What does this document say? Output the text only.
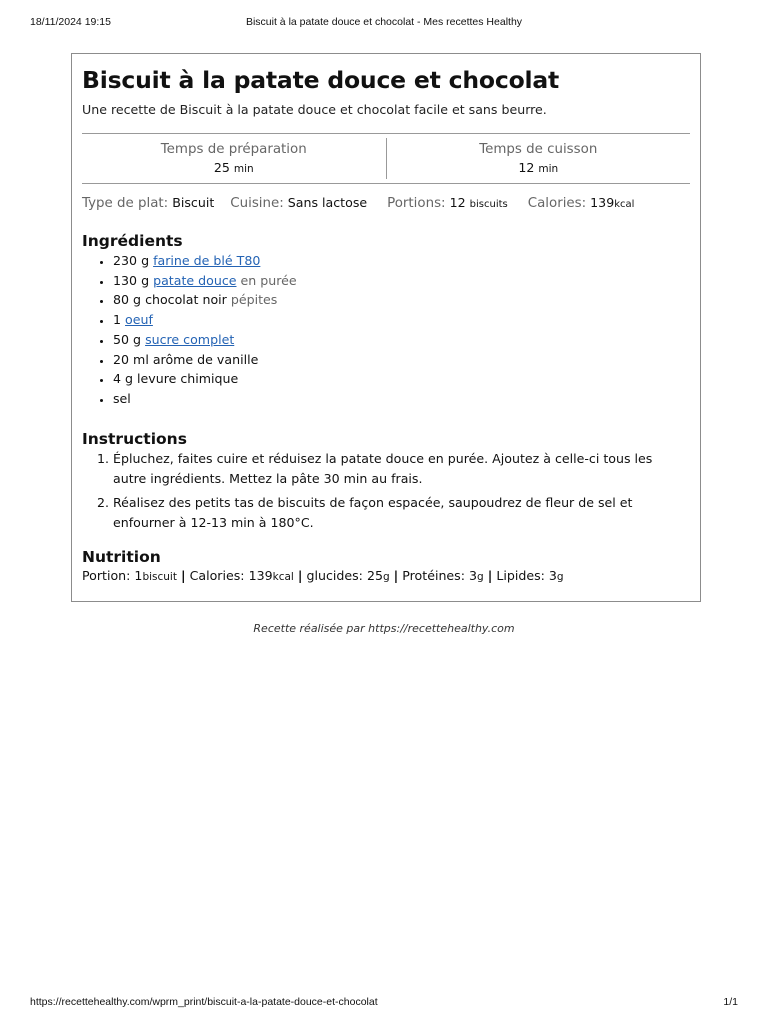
18/11/2024 19:15	Biscuit à la patate douce et chocolat - Mes recettes Healthy
Biscuit à la patate douce et chocolat

Une recette de Biscuit à la patate douce et chocolat facile et sans beurre.

Temps de préparation
25 min
Temps de cuisson
12 min
Type de plat:
Biscuit Cuisine:
Sans lactose Portions:
12
biscuits Calories:
139 kcal
Ingrédients
• 230 g farine de blé T80
• 130 g patate douce en purée
• 80 g chocolat noir pépites
• 1 oeuf
• 50 g sucre complet
• 20 ml arôme de vanille
• 4 g levure chimique
• sel
Instructions
1. Épluchez, faites cuire et réduisez la patate douce en purée. Ajoutez à celle-ci tous les autre ingrédients. Mettez la pâte 30 min au frais.
2. Réalisez des petits tas de biscuits de façon espacée, saupoudrez de fleur de sel et enfourner à 12-13 min à 180°C.
Nutrition
Portion: 1biscuit | Calories: 139kcal | glucides: 25g | Protéines: 3g | Lipides: 3g
Recette réalisée par https://recettehealthy.com
https://recettehealthy.com/wprm_print/biscuit-a-la-patate-douce-et-chocolat	1/1
